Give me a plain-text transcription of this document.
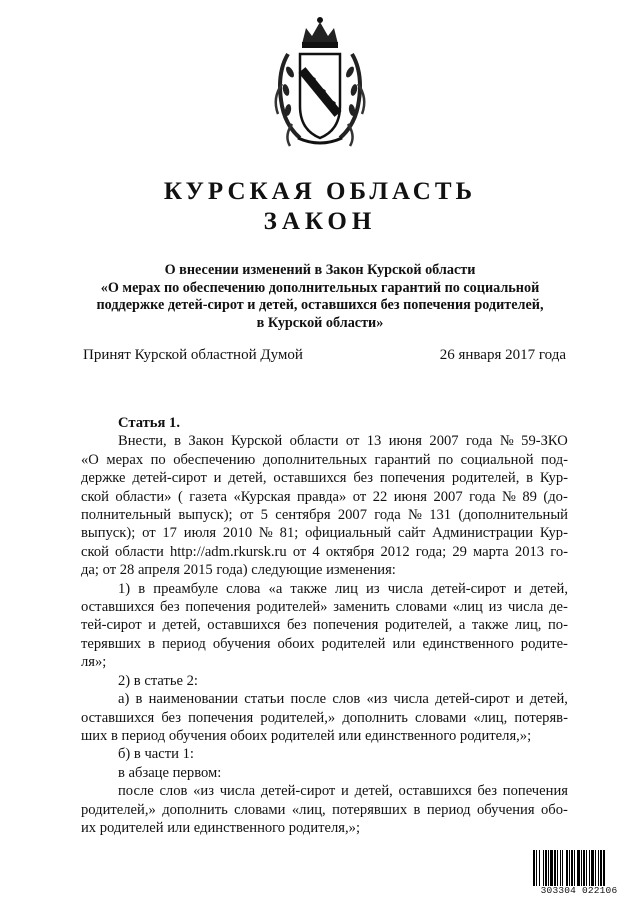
КУРСКАЯ ОБЛАСТЬ
ЗАКОН
О внесении изменений в Закон Курской области
«О мерах по обеспечению дополнительных гарантий по социальной
поддержке детей-сирот и детей, оставшихся без попечения родителей,
в Курской области»
Принят Курской областной Думой	26 января 2017 года
Статья 1.
Внести, в Закон Курской области от 13 июня 2007 года № 59-ЗКО
«О мерах по обеспечению дополнительных гарантий по социальной под-
держке детей-сирот и детей, оставшихся без попечения родителей, в Кур-
ской области» ( газета «Курская правда» от 22 июня 2007 года № 89 (до-
полнительный выпуск); от 5 сентября 2007 года № 131 (дополнительный
выпуск); от 17 июля 2010 № 81; официальный сайт Администрации Кур-
ской области http://adm.rkursk.ru от 4 октября 2012 года; 29 марта 2013 го-
да; от 28 апреля 2015 года) следующие изменения:
1) в преамбуле слова «а также лиц из числа детей-сирот и детей,
оставшихся без попечения родителей» заменить словами «лиц из числа де-
тей-сирот и детей, оставшихся без попечения родителей, а также лиц, по-
терявших в период обучения обоих родителей или единственного родите-
ля»;
2) в статье 2:
а) в наименовании статьи после слов «из числа детей-сирот и детей,
оставшихся без попечения родителей,» дополнить словами «лиц, потеряв-
ших в период обучения обоих родителей или единственного родителя,»;
б) в части 1:
в абзаце первом:
после слов «из числа детей-сирот и детей, оставшихся без попечения
родителей,» дополнить словами «лиц, потерявших в период обучения обо-
их родителей или единственного родителя,»;
303304 022106
